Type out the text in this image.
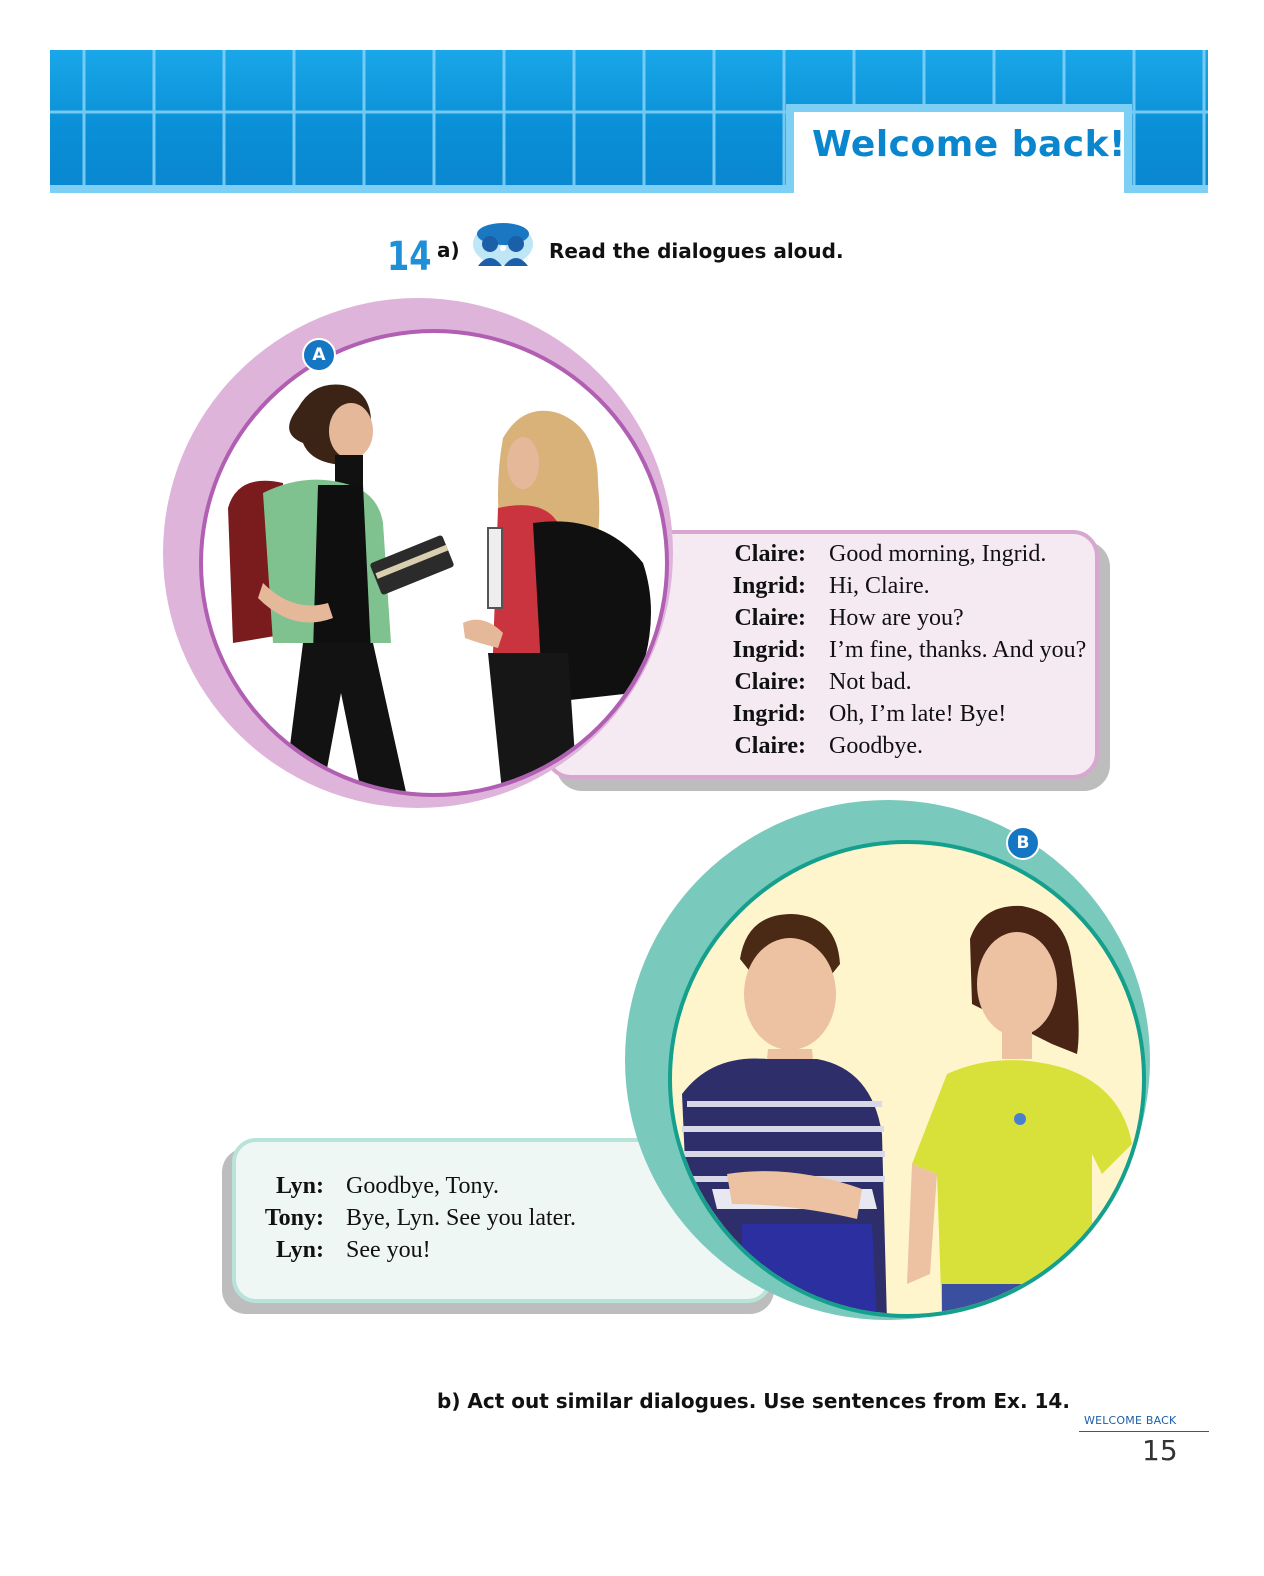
Welcome back!
14 a)	Read the dialogues aloud.
A
Claire: Good morning, Ingrid.
Ingrid: Hi, Claire.
Claire: How are you?
Ingrid: I’m fine, thanks. And you?
Claire: Not bad.
Ingrid: Oh, I’m late! Bye!
Claire: Goodbye.
B
Lyn: Goodbye, Tony.
Tony: Bye, Lyn. See you later.
Lyn: See you!
b) Act out similar dialogues. Use sentences from Ex. 14.
WELCOME BACK
15
